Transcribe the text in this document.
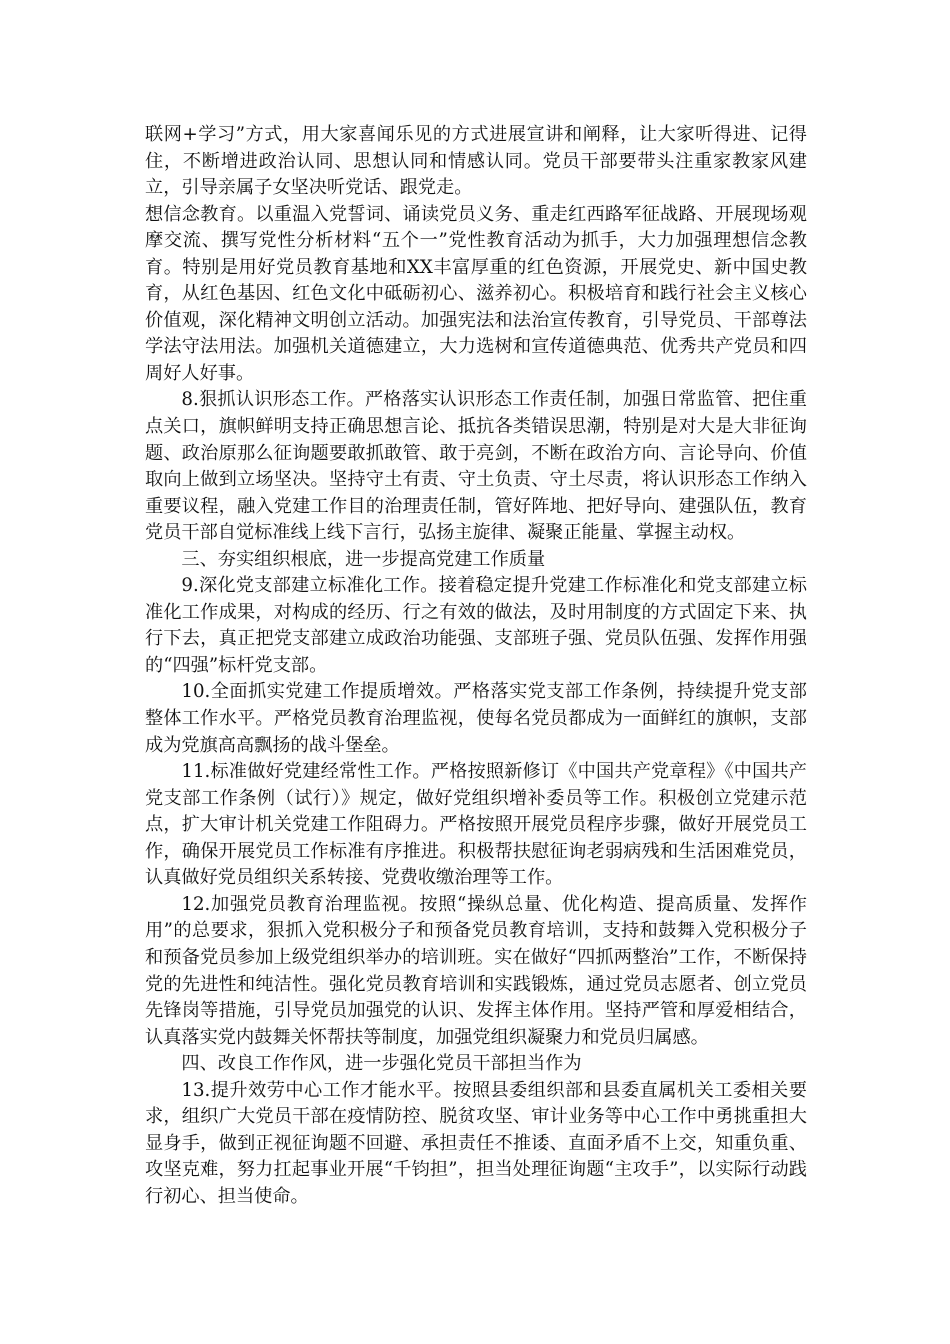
联网+学习”方式，用大家喜闻乐见的方式进展宣讲和阐释，让大家听得进、记得住，不断增进政治认同、思想认同和情感认同。党员干部要带头注重家教家风建立，引导亲属子女坚决听党话、跟党走。

想信念教育。以重温入党誓词、诵读党员义务、重走红西路军征战路、开展现场观摩交流、撰写党性分析材料“五个一”党性教育活动为抓手，大力加强理想信念教育。特别是用好党员教育基地和XX丰富厚重的红色资源，开展党史、新中国史教育，从红色基因、红色文化中砥砺初心、滋养初心。积极培育和践行社会主义核心价值观，深化精神文明创立活动。加强宪法和法治宣传教育，引导党员、干部尊法学法守法用法。加强机关道德建立，大力选树和宣传道德典范、优秀共产党员和四周好人好事。

8.狠抓认识形态工作。严格落实认识形态工作责任制，加强日常监管、把住重点关口，旗帜鲜明支持正确思想言论、抵抗各类错误思潮，特别是对大是大非征询题、政治原那么征询题要敢抓敢管、敢于亮剑，不断在政治方向、言论导向、价值取向上做到立场坚决。坚持守土有责、守土负责、守土尽责，将认识形态工作纳入重要议程，融入党建工作目的治理责任制，管好阵地、把好导向、建强队伍，教育党员干部自觉标准线上线下言行，弘扬主旋律、凝聚正能量、掌握主动权。

三、夯实组织根底，进一步提高党建工作质量

9.深化党支部建立标准化工作。接着稳定提升党建工作标准化和党支部建立标准化工作成果，对构成的经历、行之有效的做法，及时用制度的方式固定下来、执行下去，真正把党支部建立成政治功能强、支部班子强、党员队伍强、发挥作用强的“四强”标杆党支部。

10.全面抓实党建工作提质增效。严格落实党支部工作条例，持续提升党支部整体工作水平。严格党员教育治理监视，使每名党员都成为一面鲜红的旗帜，支部成为党旗高高飘扬的战斗堡垒。

11.标准做好党建经常性工作。严格按照新修订《中国共产党章程》《中国共产党支部工作条例（试行）》规定，做好党组织增补委员等工作。积极创立党建示范点，扩大审计机关党建工作阻碍力。严格按照开展党员程序步骤，做好开展党员工作，确保开展党员工作标准有序推进。积极帮扶慰征询老弱病残和生活困难党员，认真做好党员组织关系转接、党费收缴治理等工作。

12.加强党员教育治理监视。按照“操纵总量、优化构造、提高质量、发挥作用”的总要求，狠抓入党积极分子和预备党员教育培训，支持和鼓舞入党积极分子和预备党员参加上级党组织举办的培训班。实在做好“四抓两整治”工作，不断保持党的先进性和纯洁性。强化党员教育培训和实践锻炼，通过党员志愿者、创立党员先锋岗等措施，引导党员加强党的认识、发挥主体作用。坚持严管和厚爱相结合，认真落实党内鼓舞关怀帮扶等制度，加强党组织凝聚力和党员归属感。

四、改良工作作风，进一步强化党员干部担当作为

13.提升效劳中心工作才能水平。按照县委组织部和县委直属机关工委相关要求，组织广大党员干部在疫情防控、脱贫攻坚、审计业务等中心工作中勇挑重担大显身手，做到正视征询题不回避、承担责任不推诿、直面矛盾不上交，知重负重、攻坚克难，努力扛起事业开展“千钧担”，担当处理征询题“主攻手”，以实际行动践行初心、担当使命。
